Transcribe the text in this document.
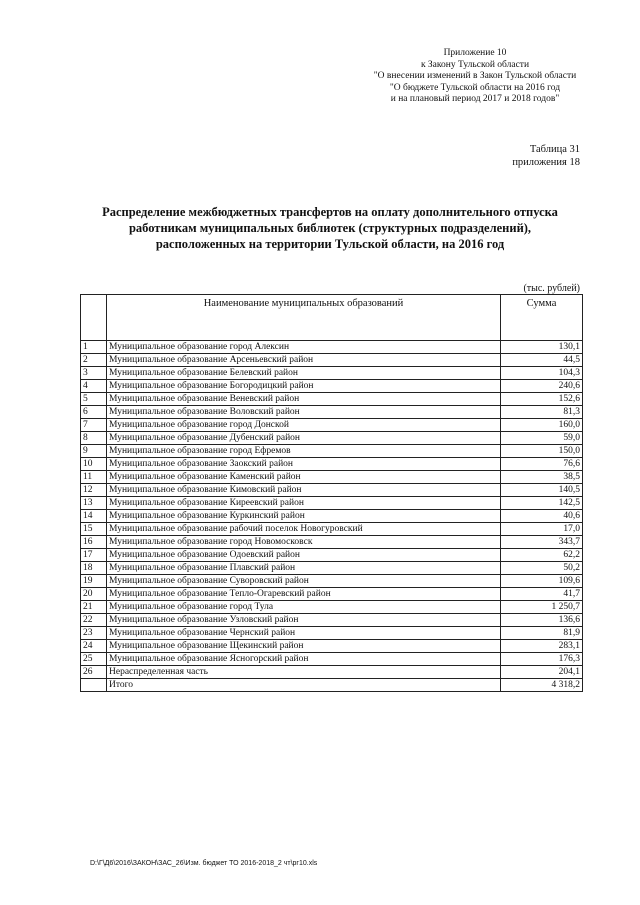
Приложение 10
к Закону Тульской области
"О внесении изменений в Закон Тульской области
"О бюджете Тульской области на 2016 год
и на плановый период 2017 и 2018 годов"
Таблица 31
приложения 18
Распределение межбюджетных трансфертов на оплату дополнительного отпуска
работникам муниципальных библиотек (структурных подразделений),
расположенных на территории Тульской области, на 2016 год
(тыс. рублей)
	Наименование муниципальных образований	Сумма
1	Муниципальное образование город Алексин	130,1
2	Муниципальное образование Арсеньевский район	44,5
3	Муниципальное образование Белевский район	104,3
4	Муниципальное образование Богородицкий район	240,6
5	Муниципальное образование Веневский район	152,6
6	Муниципальное образование Воловский район	81,3
7	Муниципальное образование город Донской	160,0
8	Муниципальное образование Дубенский район	59,0
9	Муниципальное образование город Ефремов	150,0
10	Муниципальное образование Заокский район	76,6
11	Муниципальное образование Каменский район	38,5
12	Муниципальное образование Кимовский район	140,5
13	Муниципальное образование Киреевский район	142,5
14	Муниципальное образование Куркинский район	40,6
15	Муниципальное образование рабочий поселок Новогуровский	17,0
16	Муниципальное образование город Новомосковск	343,7
17	Муниципальное образование Одоевский район	62,2
18	Муниципальное образование Плавский район	50,2
19	Муниципальное образование Суворовский район	109,6
20	Муниципальное образование Тепло-Огаревский район	41,7
21	Муниципальное образование город Тула	1 250,7
22	Муниципальное образование Узловский район	136,6
23	Муниципальное образование Чернский район	81,9
24	Муниципальное образование Щекинский район	283,1
25	Муниципальное образование Ясногорский район	176,3
26	Нераспределенная часть	204,1
	Итого	4 318,2
D:\Г\Д6\2016\ЗАКОН\ЗАС_26\Изм. бюджет ТО 2016-2018_2 чт\рг10.xls
